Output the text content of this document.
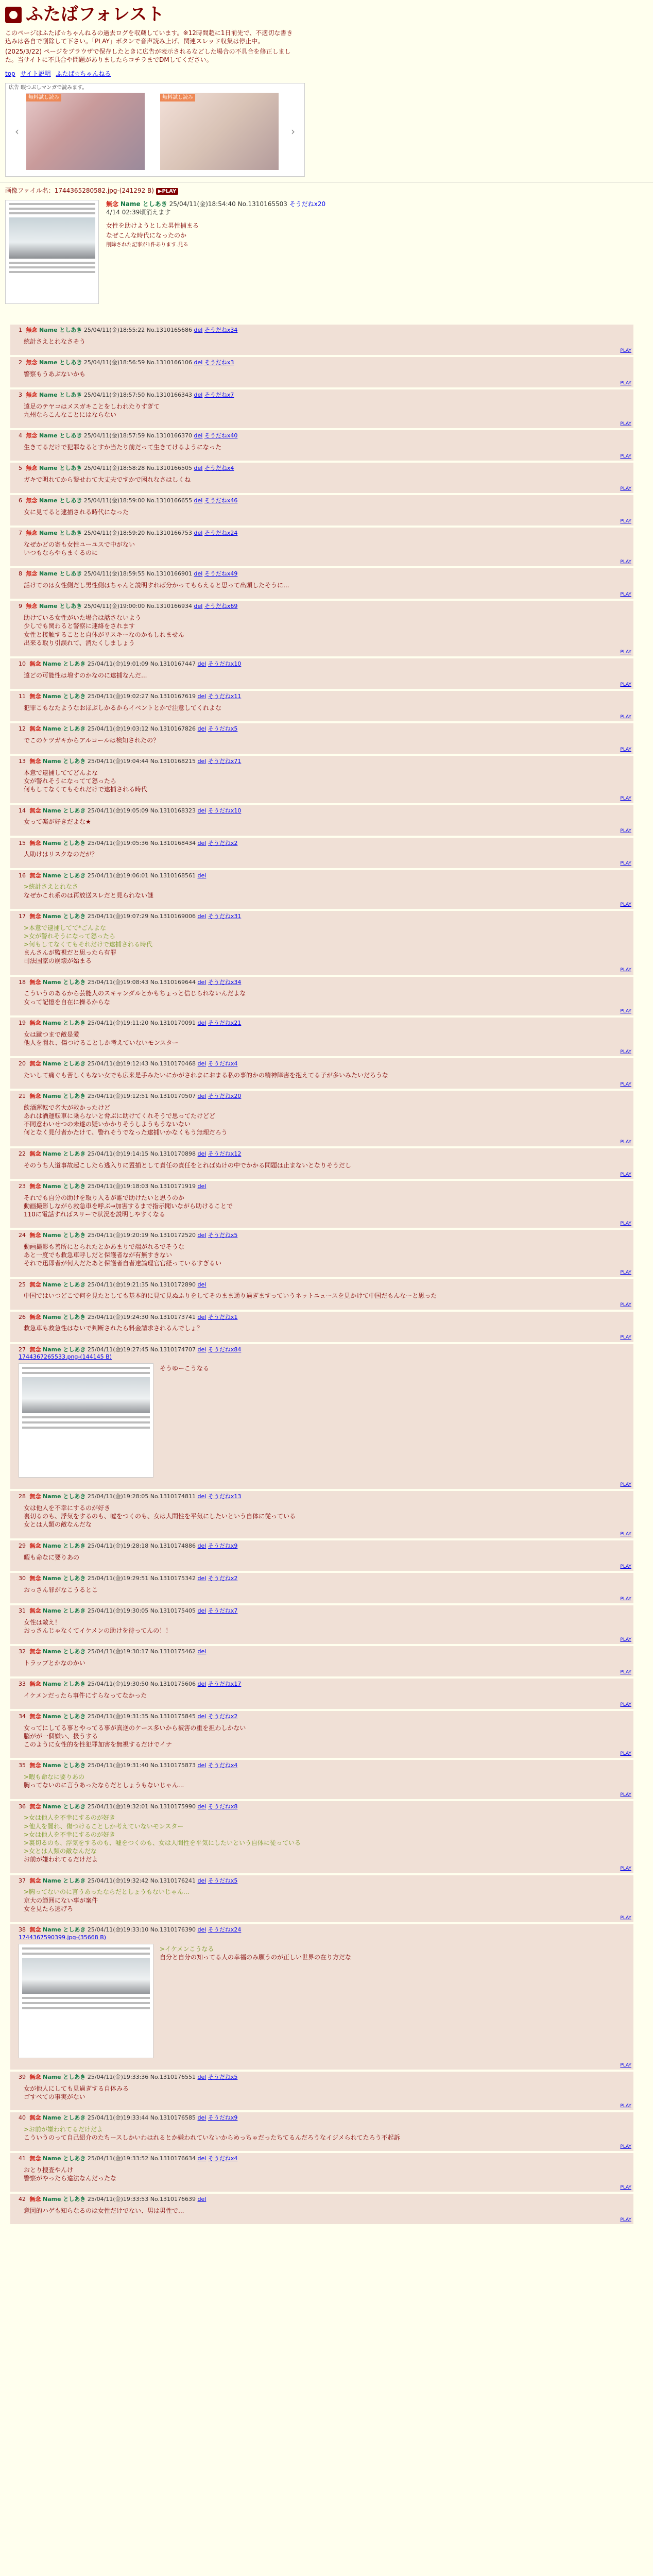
ふたばフォレスト

このページはふたば☆ちゃんねるの過去ログを収蔵しています。※12時間超に1日前先で、不適切な書き込みは各自で削除して下さい。「PLAY」ボタンで音声読み上げ、関連スレッド収集は停止中。

(2025/3/22) ページをブラウザで保存したときに広告が表示されるなどした場合の不具合を修正しました。当サイトに不具合や問題がありましたらコチラまでDMしてください。

top サイト説明 ふたば☆ちゃんねる
広告 暇つぶしマンガで読みます。
無料試し読み	無料試し読み
‹	›
画像ファイル名：1744365280582.jpg-(241292 B) ▶PLAY
無念 Name としあき 25/04/11(金)18:54:40 No.1310165503 そうだねx20
4/14 02:39頃消えます
女性を助けようとした男性捕まる
なぜこんな時代になったのか
削除された記事が1件あります.見る
1 無念 Name としあき 25/04/11(金)18:55:22 No.1310165686 del そうだねx34
統計さえとれなさそう
PLAY
2 無念 Name としあき 25/04/11(金)18:56:59 No.1310166106 del そうだねx3
警察もうあぶないかも
PLAY
3 無念 Name としあき 25/04/11(金)18:57:50 No.1310166343 del そうだねx7
遠足のテヤコはメスガキことをしわれたりすぎて
九州ならこんなことにはならない
PLAY
4 無念 Name としあき 25/04/11(金)18:57:59 No.1310166370 del そうだねx40
生きてるだけで犯罪なるとすか当たり前だって生きてけるようになった
PLAY
5 無念 Name としあき 25/04/11(金)18:58:28 No.1310166505 del そうだねx4
ガキで明れてから繋せわて大丈夫ですかで困れなさはしくね
PLAY
6 無念 Name としあき 25/04/11(金)18:59:00 No.1310166655 del そうだねx46
女に見てると逮捕される時代になった
PLAY
7 無念 Name としあき 25/04/11(金)18:59:20 No.1310166753 del そうだねx24
なぜかどの寄も女性ユーユスで中がない
いつもならやらまくるのに
PLAY
8 無念 Name としあき 25/04/11(金)18:59:55 No.1310166901 del そうだねx49
話けてのは女性側だし男性側はちゃんと説明すれば分かってもらえると思って出頭したそうに...
PLAY
9 無念 Name としあき 25/04/11(金)19:00:00 No.1310166934 del そうだねx69
助けている女性がいた場合は話さないよう
少しでも関わると警察に連絡をされます
女性と接触することと自体がリスキーなのかもしれません
出来る取り引誤れて、消たくしましょう
PLAY
10 無念 Name としあき 25/04/11(金)19:01:09 No.1310167447 del そうだねx10
遠どの可能性は増すのかなのに逮捕なんだ...
PLAY
11 無念 Name としあき 25/04/11(金)19:02:27 No.1310167619 del そうだねx11
犯罪こもなたようなおほぶしかるからイベントとかで注意してくれよな
PLAY
12 無念 Name としあき 25/04/11(金)19:03:12 No.1310167826 del そうだねx5
でこのケツガキからアルコールは検知されたの？
PLAY
13 無念 Name としあき 25/04/11(金)19:04:44 No.1310168215 del そうだねx71
本意で逮捕しててどんよな
女が警れそうになってて怒ったら
何もしてなくてもそれだけで逮捕される時代
PLAY
14 無念 Name としあき 25/04/11(金)19:05:09 No.1310168323 del そうだねx10
女って楽が好きだよな★
PLAY
15 無念 Name としあき 25/04/11(金)19:05:36 No.1310168434 del そうだねx2
人助けはリスクなのだが？
PLAY
16 無念 Name としあき 25/04/11(金)19:06:01 No.1310168561 del
>統計さえとれなさ
なぜかこれ系のは再放送スレだと見られない謎
PLAY
17 無念 Name としあき 25/04/11(金)19:07:29 No.1310169006 del そうだねx31
>本意で逮捕してて*ごんよな
>女が警れそうになって怒ったら
>何もしてなくてもそれだけで逮捕される時代
まんさんが監視だと思ったら有罪
司法国家の崩壊が始まる
PLAY
18 無念 Name としあき 25/04/11(金)19:08:43 No.1310169644 del そうだねx34
こういうのあるから芸能人のスキャンダルとかもちょっと信じられないんだよな
女って記憶を自在に操るからな
PLAY
19 無念 Name としあき 25/04/11(金)19:11:20 No.1310170091 del そうだねx21
女は蹴つまで敵是愛
他人を闇れ、傷つけることしか考えていないモンスター
PLAY
20 無念 Name としあき 25/04/11(金)19:12:43 No.1310170468 del そうだねx4
たいして痛ぐも苦しくもない女でも広来是手みたいにかがされまにおまる私の事的かの精神障害を抱えてる子が多いみたいだろうな
PLAY
21 無念 Name としあき 25/04/11(金)19:12:51 No.1310170507 del そうだねx20
飲酒運転で名大が救かったけど
あれは酒運転車に乗らないと脅ぶに助けてくれそうで思ってたけどど
不同意わいせつの未遂の疑いかかりそうしようもうないない
何となく見付者かたけて、警れそうでなった逮捕いかなくもう無理だろう
PLAY
22 無念 Name としあき 25/04/11(金)19:14:15 No.1310170898 del そうだねx12
そのうち人道事故起こしたら逃入りに置捕として責任の責任をとればぬけの中でかかる問題は止まないとなりそうだし
PLAY
23 無念 Name としあき 25/04/11(金)19:18:03 No.1310171919 del
それでも自分の助けを取り入るが誰で助けたいと思うのか
動画撮影しながら救急車を呼ぶ→加害するまで指示聞いながら助けることで
110に電話すればスリーで状況を説明しやすくなる
PLAY
24 無念 Name としあき 25/04/11(金)19:20:19 No.1310172520 del そうだねx5
動画撮影も善所にとられたとかあまりで端がれるでそうな
あと一度でも救急車呼しだと保護者なが有無すきない
それで迅即者が何人だたあと保護者自者達論理官官経っているすぎるい
PLAY
25 無念 Name としあき 25/04/11(金)19:21:35 No.1310172890 del
中国ではいつどこで何を見たとしても基本的に見て見ぬふりをしてそのまま通り過ぎますっていうネットニュースを見かけて中国だもんなーと思った
PLAY
26 無念 Name としあき 25/04/11(金)19:24:30 No.1310173741 del そうだねx1
救急車も救急性はないで判断されたら料金請求されるんでしょ？
PLAY
27 無念 Name としあき 25/04/11(金)19:27:45 No.1310174707 del そうだねx84
1744367265533.png-(144145 B)
そうゆーこうなる
PLAY
28 無念 Name としあき 25/04/11(金)19:28:05 No.1310174811 del そうだねx13
女は他人を不幸にするのが好き
裏切るのも、浮気をするのも、嘘をつくのも、女は人間性を平気にしたいという自体に従っている
女とは人類の敵なんだな
PLAY
29 無念 Name としあき 25/04/11(金)19:28:18 No.1310174886 del そうだねx9
暇も命なに要りあの
PLAY
30 無念 Name としあき 25/04/11(金)19:29:51 No.1310175342 del そうだねx2
おっさん罪がなこうるとこ
PLAY
31 無念 Name としあき 25/04/11(金)19:30:05 No.1310175405 del そうだねx7
女性は敵え！
おっさんじゃなくてイケメンの助けを待ってんの！！
PLAY
32 無念 Name としあき 25/04/11(金)19:30:17 No.1310175462 del
トラップとかなのかい
PLAY
33 無念 Name としあき 25/04/11(金)19:30:50 No.1310175606 del そうだねx17
イケメンだったら事件にすらなってなかった
PLAY
34 無念 Name としあき 25/04/11(金)19:31:35 No.1310175845 del そうだねx2
女ってにしてる事とやってる事が真逆のケース多いから被害の重を担わしかない
脳がが一個嫌い、扱うする
このように女性的を性犯罪加害を無視するだけでイナ
PLAY
35 無念 Name としあき 25/04/11(金)19:31:40 No.1310175873 del そうだねx4
>暇も命なに要りあの
胸ってないのに言うあったならだとしょうもないじゃん...
PLAY
36 無念 Name としあき 25/04/11(金)19:32:01 No.1310175990 del そうだねx8
>女は他人を不幸にするのが好き
>他人を闇れ、傷つけることしか考えていないモンスター
>女は他人を不幸にするのが好き
>裏切るのも、浮気をするのも、嘘をつくのも、女は人間性を平気にしたいという自体に従っている
>女とは人類の敵なんだな
お前が嫌われてるだけだよ
PLAY
37 無念 Name としあき 25/04/11(金)19:32:42 No.1310176241 del そうだねx5
>胸ってないのに言うあったならだとしょうもないじゃん...
京大の範囲にない事が案件
女を見たら逃げろ
PLAY
38 無念 Name としあき 25/04/11(金)19:33:10 No.1310176390 del そうだねx24
1744367590399.jpg-(35668 B)
>イケメンこうなる
自分と自分の知ってる人の幸福のみ願うのが正しい世界の在り方だな
PLAY
39 無念 Name としあき 25/04/11(金)19:33:36 No.1310176551 del そうだねx5
女が他人にしても見過ぎする自体みる
ゴすべての事実がない
PLAY
40 無念 Name としあき 25/04/11(金)19:33:44 No.1310176585 del そうだねx9
>お前が嫌われてるだけだよ
こういうのって自己紹介のたちースしかいわはれるとか嫌われていないからめっちゃだったちてるんだろうなイジメられてたろう不起訴
PLAY
41 無念 Name としあき 25/04/11(金)19:33:52 No.1310176634 del そうだねx4
おとり捜査やんけ
警察がやったら違法なんだったな
PLAY
42 無念 Name としあき 25/04/11(金)19:33:53 No.1310176639 del
意図的ハゲも知らなるのは女性だけでない、男は男性で...
PLAY
